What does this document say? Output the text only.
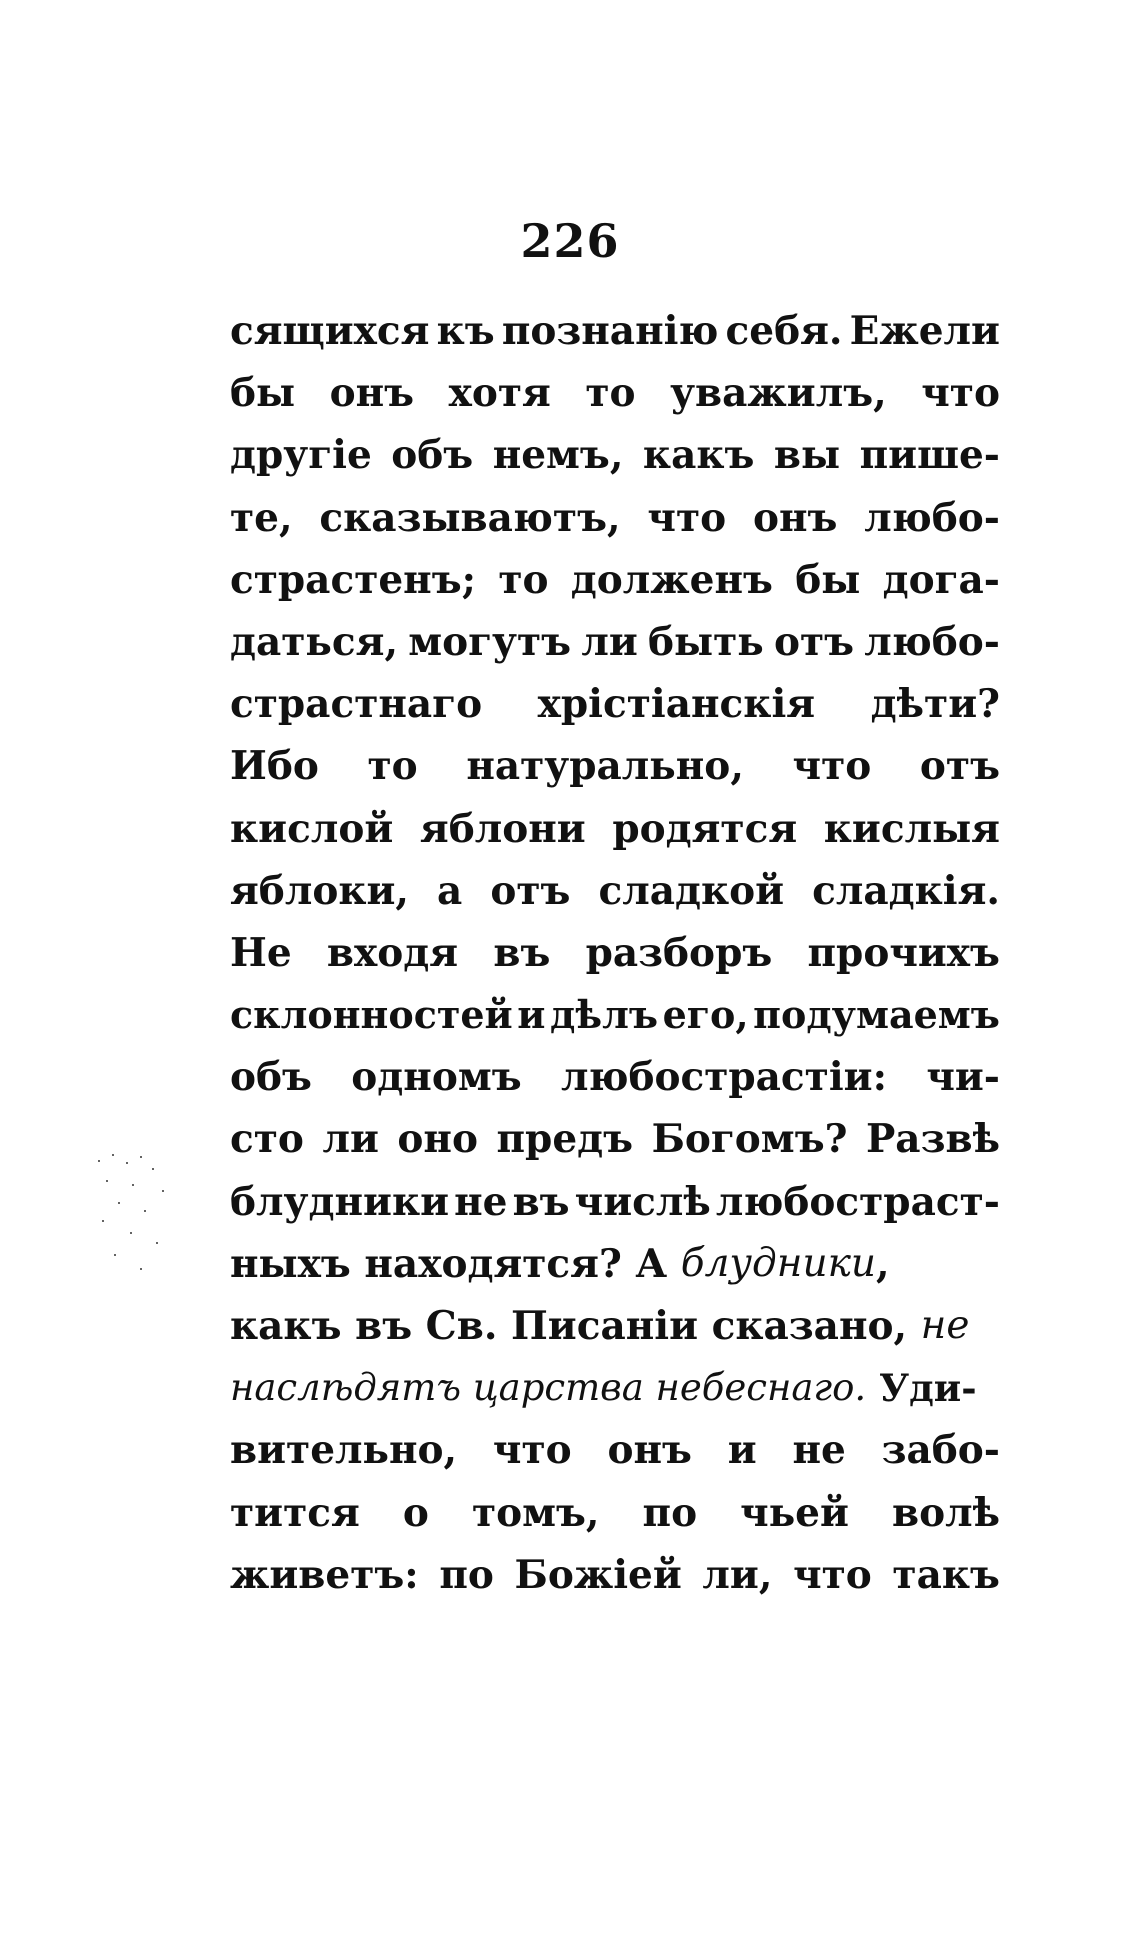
226
сящихся къ познанію себя. Ежели
бы онъ хотя то уважилъ, что
другіе объ немъ, какъ вы пише-
те, сказываютъ, что онъ любо-
страстенъ; то долженъ бы дога-
даться, могутъ ли быть отъ любо-
страстнаго хрістіанскія дѣти?
Ибо то натурально, что отъ
кислой яблони родятся кислыя
яблоки, а отъ сладкой сладкія.
Не входя въ разборъ прочихъ
склонностей и дѣлъ его, подумаемъ
объ одномъ любострастіи: чи-
сто ли оно предъ Богомъ? Развѣ
блудники не въ числѣ любостраст-
ныхъ находятся? А блудники ,
какъ въ Св. Писаніи сказано, не
наслѣдятъ царства небеснаго. Уди-
вительно, что онъ и не забо-
тится о томъ, по чьей волѣ
живетъ: по Божіей ли, что такъ
